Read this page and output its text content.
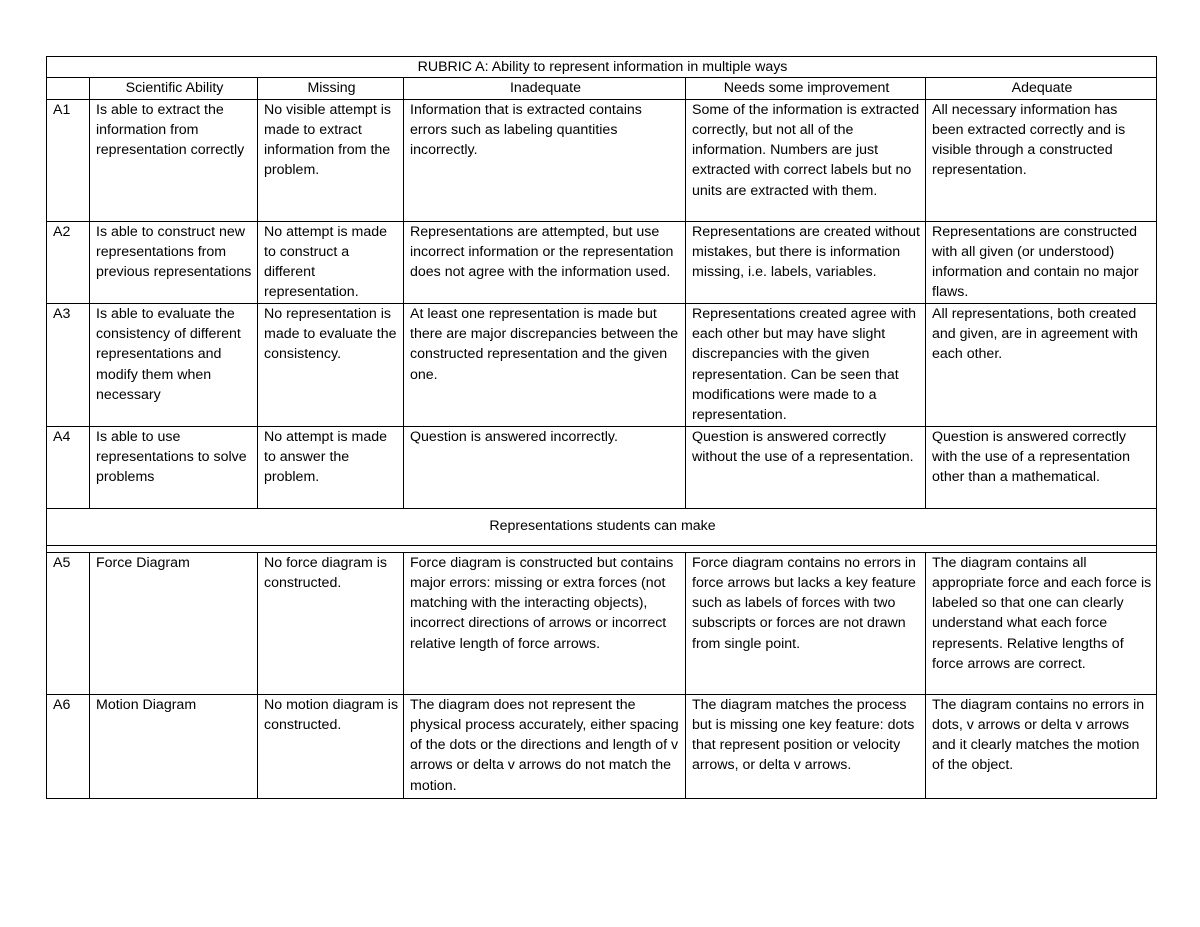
RUBRIC A: Ability to represent information in multiple ways					
	Scientific Ability	Missing	Inadequate	Needs some improvement	Adequate
A1	Is able to extract the information from representation correctly	No visible attempt is made to extract information from the problem.	Information that is extracted contains errors such as labeling quantities incorrectly.	Some of the information is extracted correctly, but not all of the information. Numbers are just extracted with correct labels but no units are extracted with them.	All necessary information has been extracted correctly and is visible through a constructed representation.
A2	Is able to construct new representations from previous representations	No attempt is made to construct a different representation.	Representations are attempted, but use incorrect information or the representation does not agree with the information used.	Representations are created without mistakes, but there is information missing, i.e. labels, variables.	Representations are constructed with all given (or understood) information and contain no major flaws.
A3	Is able to evaluate the consistency of different representations and modify them when necessary	No representation is made to evaluate the consistency.	At least one representation is made but there are major discrepancies between the constructed representation and the given one.	Representations created agree with each other but may have slight discrepancies with the given representation. Can be seen that modifications were made to a representation.	All representations, both created and given, are in agreement with each other.
A4	Is able to use representations to solve problems	No attempt is made to answer the problem.	Question is answered incorrectly.	Question is answered correctly without the use of a representation.	Question is answered correctly with the use of a representation other than a mathematical.
Representations students can make					

A5	Force Diagram	No force diagram is constructed.	Force diagram is constructed but contains major errors: missing or extra forces (not matching with the interacting objects), incorrect directions of arrows or incorrect relative length of force arrows.	Force diagram contains no errors in force arrows but lacks a key feature such as labels of forces with two subscripts or forces are not drawn from single point.	The diagram contains all appropriate force and each force is labeled so that one can clearly understand what each force represents. Relative lengths of force arrows are correct.
A6	Motion Diagram	No motion diagram is constructed.	The diagram does not represent the physical process accurately, either spacing of the dots or the directions and length of v arrows or delta v arrows do not match the motion.	The diagram matches the process but is missing one key feature: dots that represent position or velocity arrows, or delta v arrows.	The diagram contains no errors in dots, v arrows or delta v arrows and it clearly matches the motion of the object.
